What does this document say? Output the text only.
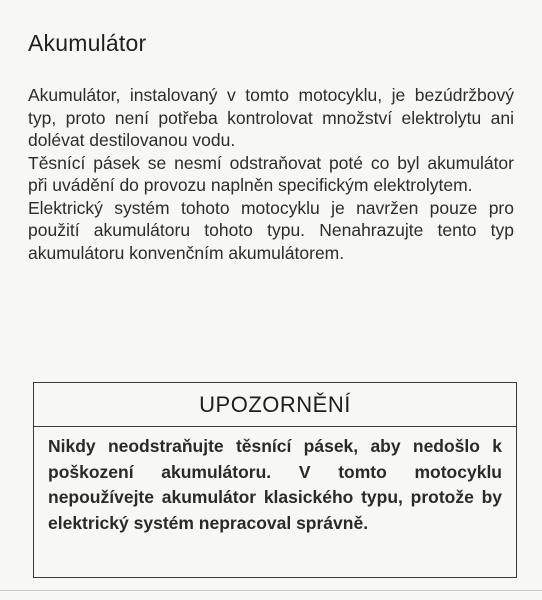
Akumulátor

Akumulátor, instalovaný v tomto motocyklu, je bezúdržbový typ, proto není potřeba kontrolovat množství elektrolytu ani dolévat destilovanou vodu.

Těsnící pásek se nesmí odstraňovat poté co byl akumulátor při uvádění do provozu naplněn specifickým elektrolytem.

Elektrický systém tohoto motocyklu je navržen pouze pro použití akumulátoru tohoto typu. Nenahrazujte tento typ akumulátoru konvenčním akumulátorem.

UPOZORNĚNÍ
Nikdy neodstraňujte těsnící pásek, aby nedošlo k poškození akumulátoru. V tomto motocyklu nepoužívejte akumulátor klasického typu, protože by elektrický systém nepracoval správně.
